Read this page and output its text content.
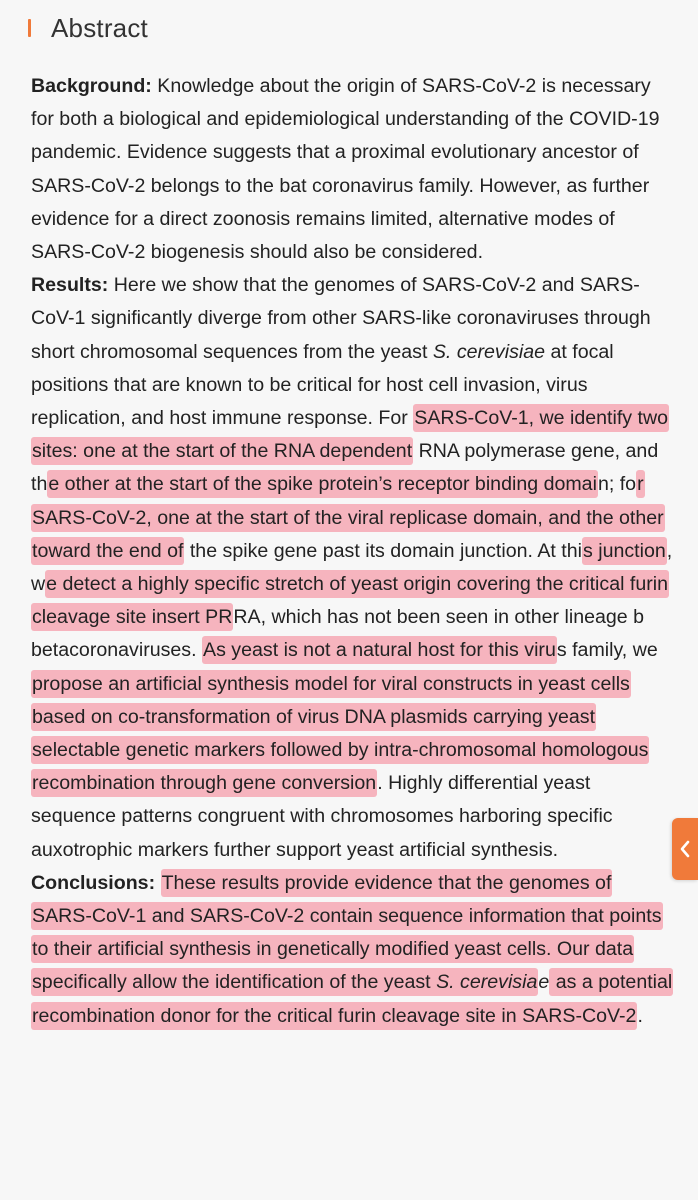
Abstract

Background: Knowledge about the origin of SARS-CoV-2 is necessary for both a biological and epidemiological understanding of the COVID-19 pandemic. Evidence suggests that a proximal evolutionary ancestor of SARS-CoV-2 belongs to the bat coronavirus family. However, as further evidence for a direct zoonosis remains limited, alternative modes of SARS-CoV-2 biogenesis should also be considered.

Results: Here we show that the genomes of SARS-CoV-2 and SARS-CoV-1 significantly diverge from other SARS-like coronaviruses through short chromosomal sequences from the yeast S. cerevisiae at focal positions that are known to be critical for host cell invasion, virus replication, and host immune response. For SARS-CoV-1, we identify two sites: one at the start of the RNA dependent RNA polymerase gene, and the other at the start of the spike protein’s receptor binding domain; for SARS-CoV-2, one at the start of the viral replicase domain, and the other toward the end of the spike gene past its domain junction. At this junction, we detect a highly specific stretch of yeast origin covering the critical furin cleavage site insert PRRA, which has not been seen in other lineage b betacoronaviruses. As yeast is not a natural host for this virus family, we propose an artificial synthesis model for viral constructs in yeast cells based on co-transformation of virus DNA plasmids carrying yeast selectable genetic markers followed by intra-chromosomal homologous recombination through gene conversion. Highly differential yeast sequence patterns congruent with chromosomes harboring specific auxotrophic markers further support yeast artificial synthesis.

Conclusions: These results provide evidence that the genomes of SARS-CoV-1 and SARS-CoV-2 contain sequence information that points to their artificial synthesis in genetically modified yeast cells. Our data specifically allow the identification of the yeast S. cerevisiae as a potential recombination donor for the critical furin cleavage site in SARS-CoV-2.
